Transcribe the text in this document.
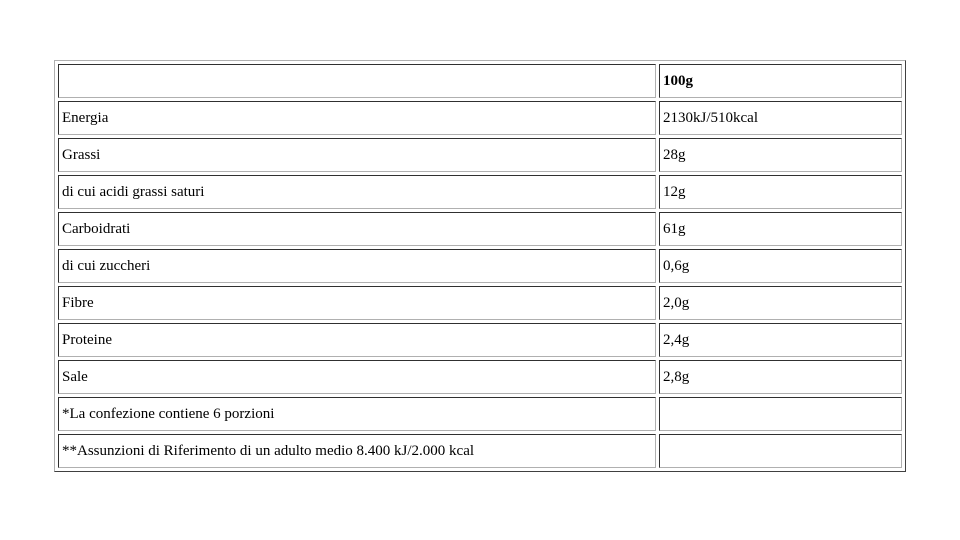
	100g
Energia	2130kJ/510kcal
Grassi	28g
di cui acidi grassi saturi	12g
Carboidrati	61g
di cui zuccheri	0,6g
Fibre	2,0g
Proteine	2,4g
Sale	2,8g
*La confezione contiene 6 porzioni	
**Assunzioni di Riferimento di un adulto medio 8.400 kJ/2.000 kcal	
